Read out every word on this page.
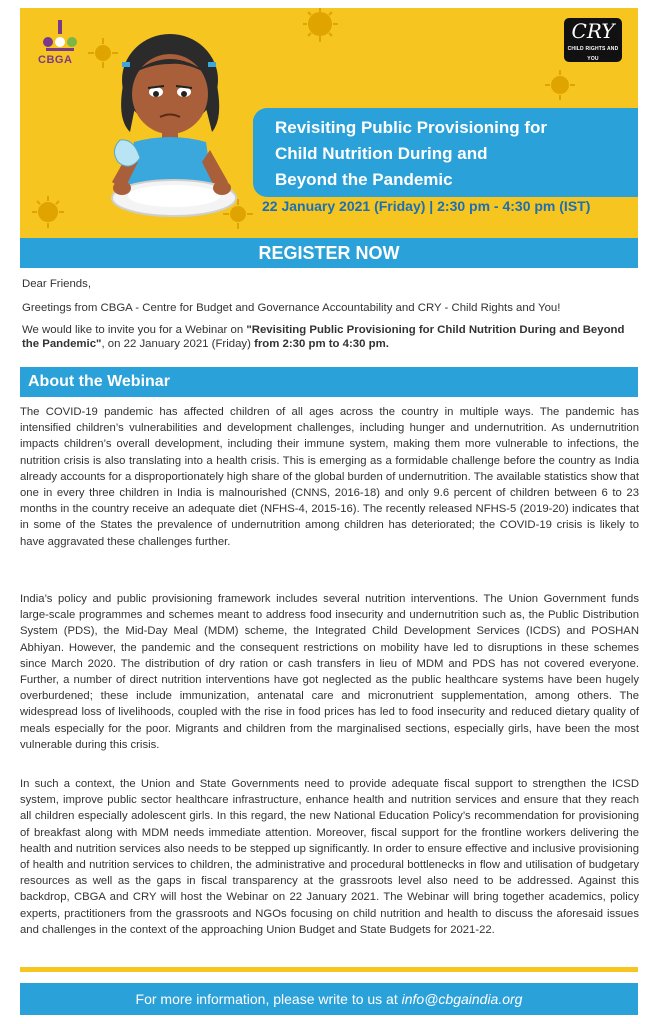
CBGA
CRY
CHILD RIGHTS AND YOU
Revisiting Public Provisioning for
Child Nutrition During and
Beyond the Pandemic
22 January 2021 (Friday) | 2:30 pm - 4:30 pm (IST)
REGISTER NOW
Dear Friends,
Greetings from CBGA - Centre for Budget and Governance Accountability and CRY - Child Rights and You!
We would like to invite you for a Webinar on "Revisiting Public Provisioning for Child Nutrition During and Beyond the Pandemic", on 22 January 2021 (Friday) from 2:30 pm to 4:30 pm.
About the Webinar
The COVID-19 pandemic has affected children of all ages across the country in multiple ways. The pandemic has intensified children’s vulnerabilities and development challenges, including hunger and undernutrition. As undernutrition impacts children’s overall development, including their immune system, making them more vulnerable to infections, the nutrition crisis is also translating into a health crisis. This is emerging as a formidable challenge before the country as India already accounts for a disproportionately high share of the global burden of undernutrition. The available statistics show that one in every three children in India is malnourished (CNNS, 2016-18) and only 9.6 percent of children between 6 to 23 months in the country receive an adequate diet (NFHS-4, 2015-16). The recently released NFHS-5 (2019-20) indicates that in some of the States the prevalence of undernutrition among children has deteriorated; the COVID-19 crisis is likely to have aggravated these challenges further.
India’s policy and public provisioning framework includes several nutrition interventions. The Union Government funds large-scale programmes and schemes meant to address food insecurity and undernutrition such as, the Public Distribution System (PDS), the Mid-Day Meal (MDM) scheme, the Integrated Child Development Services (ICDS) and POSHAN Abhiyan. However, the pandemic and the consequent restrictions on mobility have led to disruptions in these schemes since March 2020. The distribution of dry ration or cash transfers in lieu of MDM and PDS has not covered everyone. Further, a number of direct nutrition interventions have got neglected as the public healthcare systems have been hugely overburdened; these include immunization, antenatal care and micronutrient supplementation, among others. The widespread loss of livelihoods, coupled with the rise in food prices has led to food insecurity and reduced dietary quality of meals especially for the poor. Migrants and children from the marginalised sections, especially girls, have been the most vulnerable during this crisis.
In such a context, the Union and State Governments need to provide adequate fiscal support to strengthen the ICSD system, improve public sector healthcare infrastructure, enhance health and nutrition services and ensure that they reach all children especially adolescent girls. In this regard, the new National Education Policy’s recommendation for provisioning of breakfast along with MDM needs immediate attention. Moreover, fiscal support for the frontline workers delivering the health and nutrition services also needs to be stepped up significantly. In order to ensure effective and inclusive provisioning of health and nutrition services to children, the administrative and procedural bottlenecks in flow and utilisation of budgetary resources as well as the gaps in fiscal transparency at the grassroots level also need to be addressed. Against this backdrop, CBGA and CRY will host the Webinar on 22 January 2021. The Webinar will bring together academics, policy experts, practitioners from the grassroots and NGOs focusing on child nutrition and health to discuss the aforesaid issues and challenges in the context of the approaching Union Budget and State Budgets for 2021-22.
For more information, please write to us at info@cbgaindia.org
